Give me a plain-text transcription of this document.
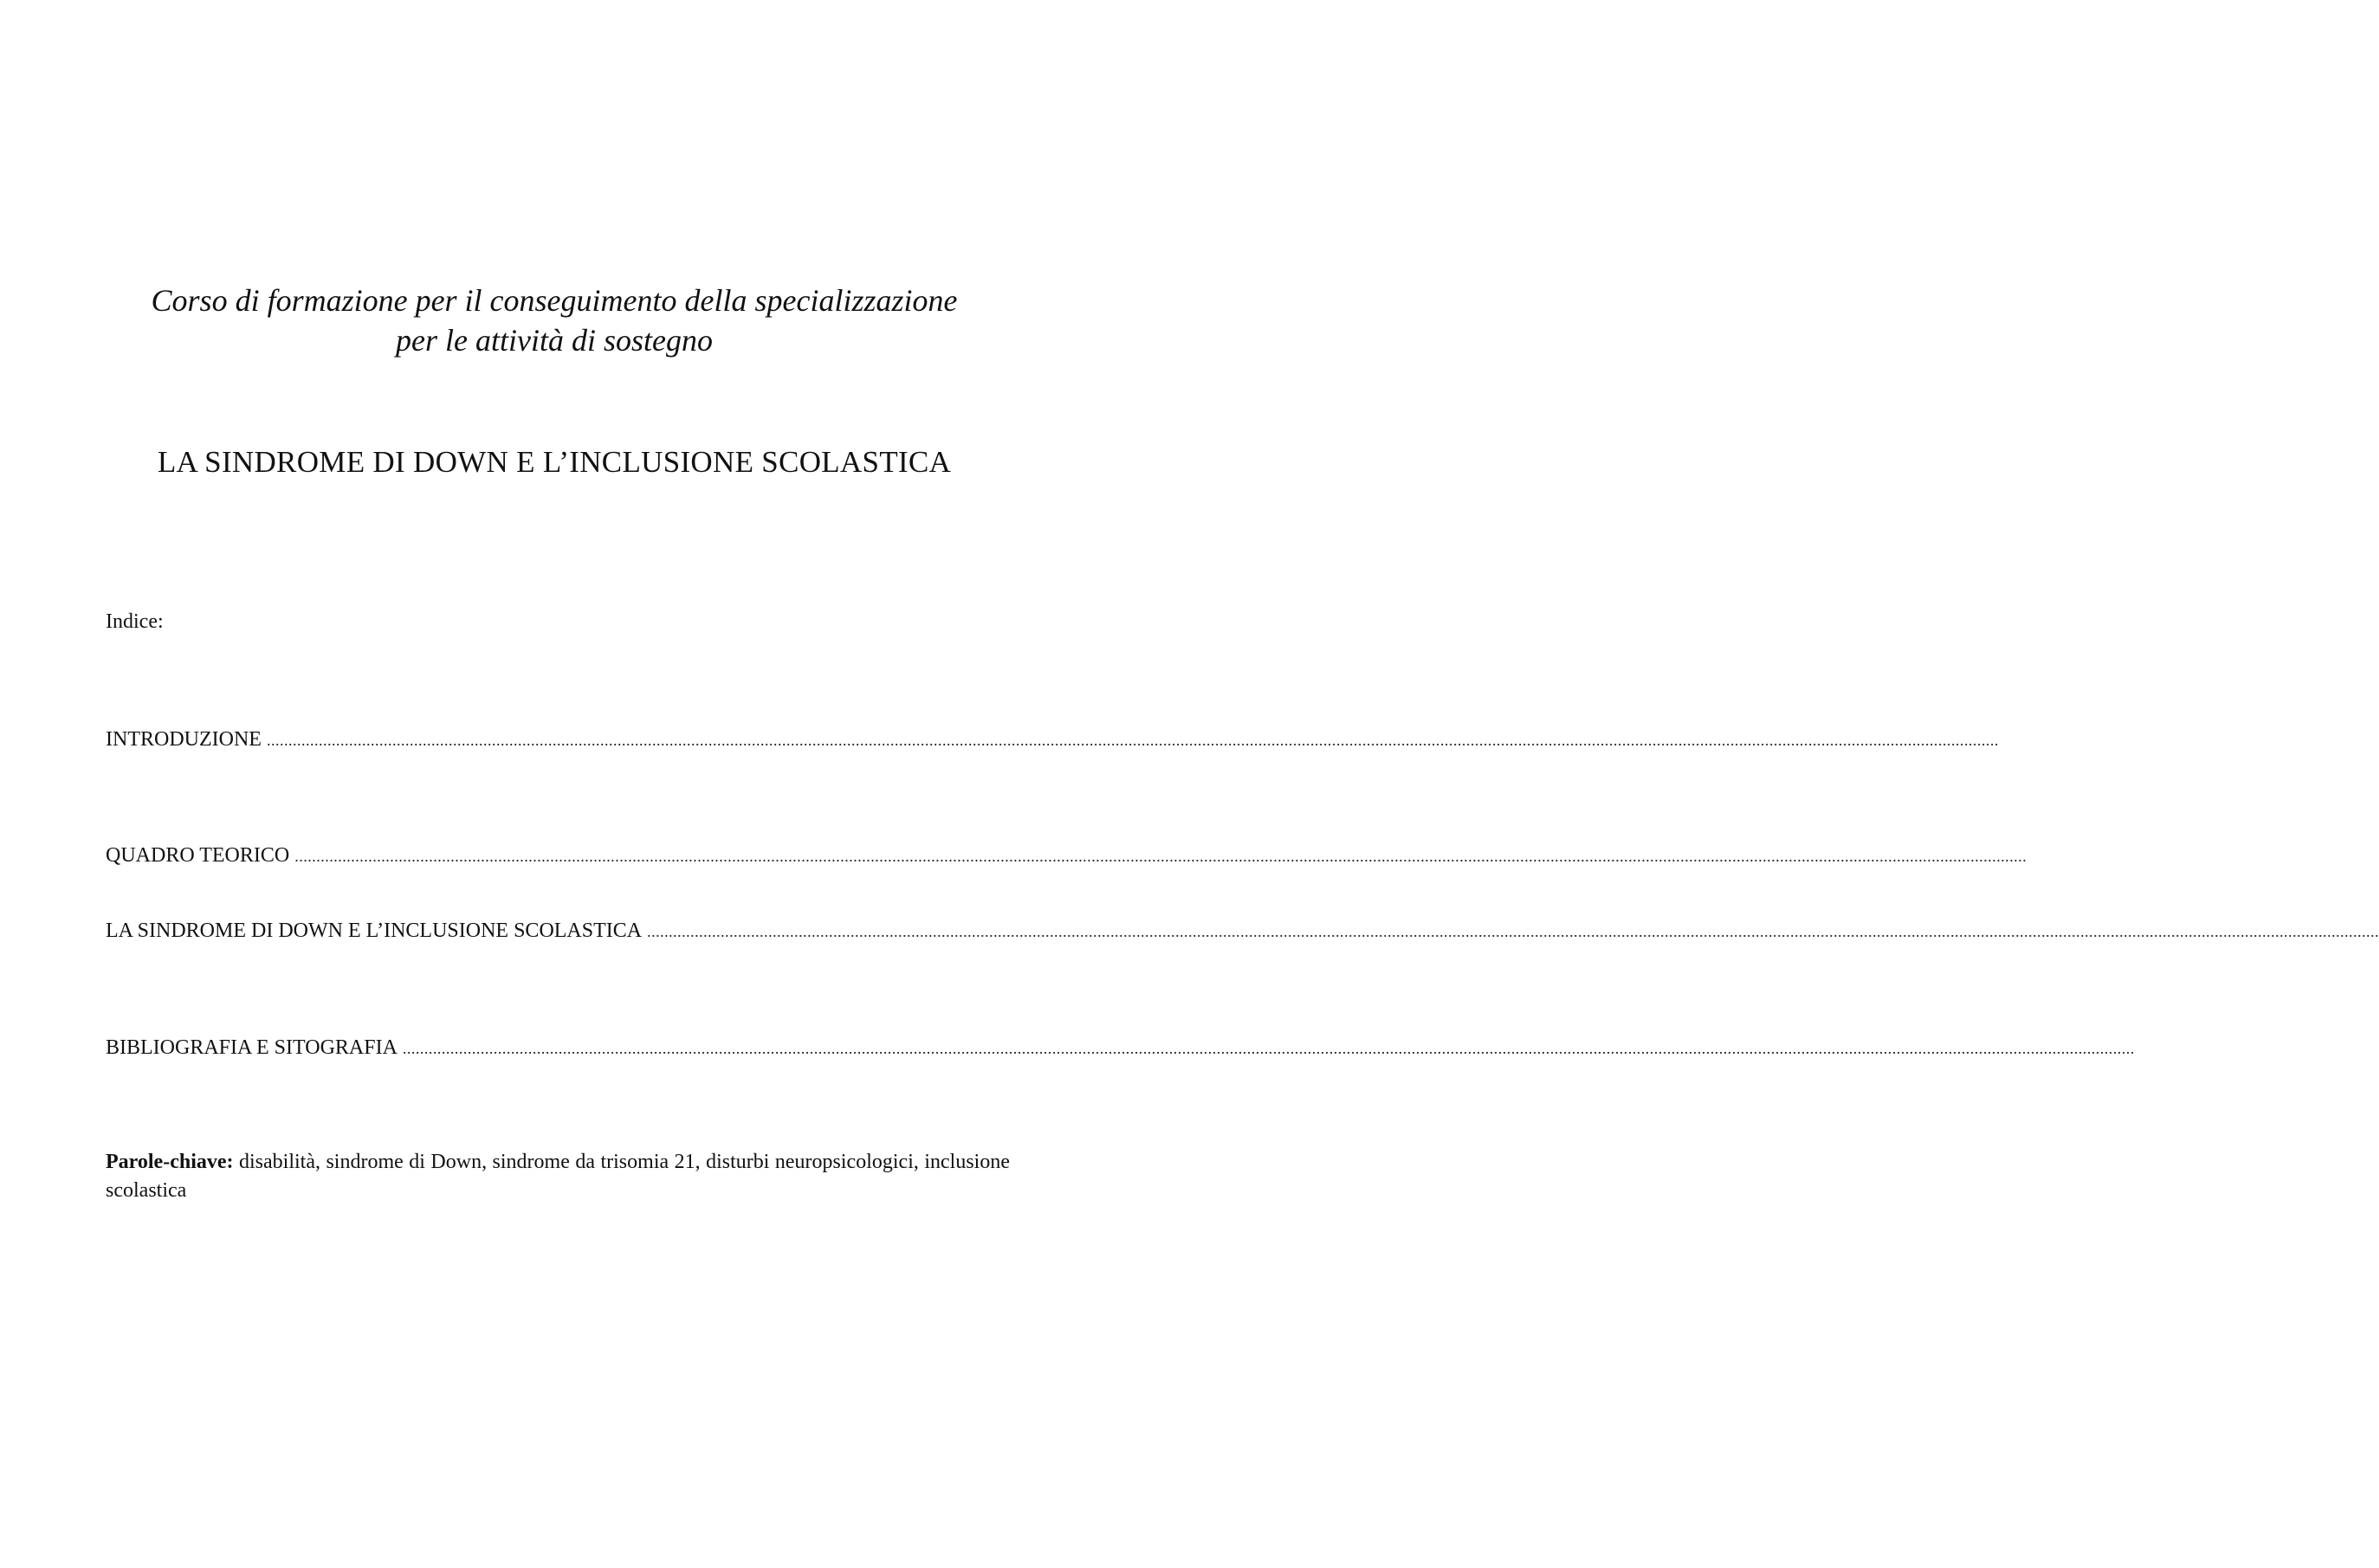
Corso di formazione per il conseguimento della specializzazione

per le attività di sostegno

LA SINDROME DI DOWN E L’INCLUSIONE SCOLASTICA

Indice:

INTRODUZIONE ................................................................................................................................................................................................................................................................................................................................................................................................................
QUADRO TEORICO ................................................................................................................................................................................................................................................................................................................................................................................................................
LA SINDROME DI DOWN E L’INCLUSIONE SCOLASTICA ................................................................................................................................................................................................................................................................................................................................................................................................................
BIBLIOGRAFIA E SITOGRAFIA ................................................................................................................................................................................................................................................................................................................................................................................................................

Parole-chiave: disabilità, sindrome di Down, sindrome da trisomia 21, disturbi neuropsicologici, inclusione scolastica
